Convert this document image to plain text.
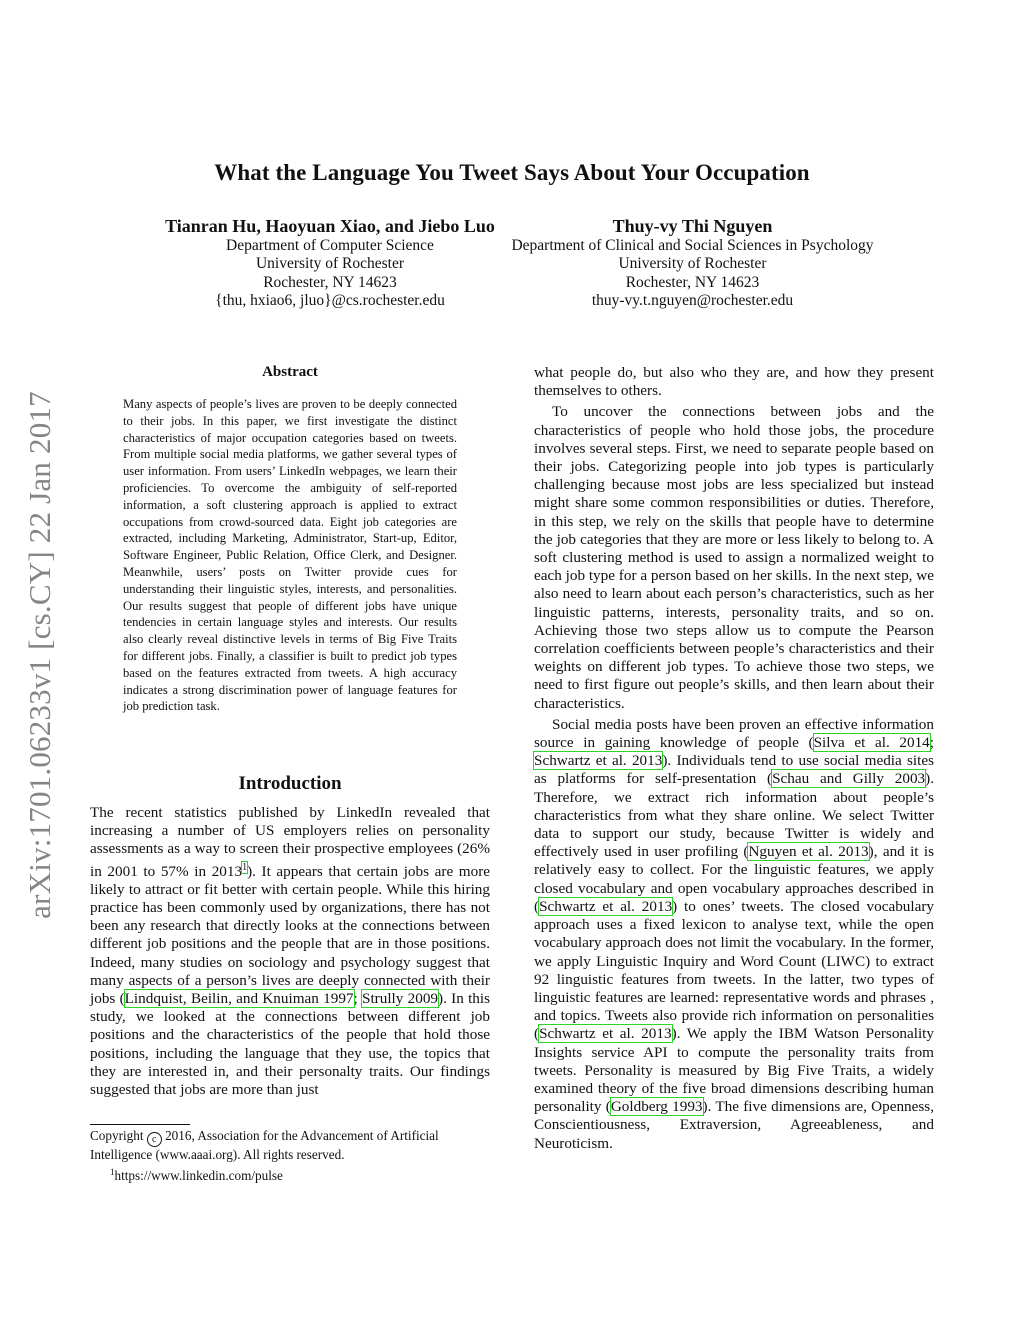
What the Language You Tweet Says About Your Occupation
Tianran Hu, Haoyuan Xiao, and Jiebo Luo
Department of Computer Science
University of Rochester
Rochester, NY 14623
{thu, hxiao6, jluo}@cs.rochester.edu
Thuy-vy Thi Nguyen
Department of Clinical and Social Sciences in Psychology
University of Rochester
Rochester, NY 14623
thuy-vy.t.nguyen@rochester.edu
arXiv:1701.06233v1 [cs.CY] 22 Jan 2017
Abstract
Many aspects of people’s lives are proven to be deeply connected to their jobs. In this paper, we first investigate the distinct characteristics of major occupation categories based on tweets. From multiple social media platforms, we gather several types of user information. From users’ LinkedIn webpages, we learn their proficiencies. To overcome the ambiguity of self-reported information, a soft clustering approach is applied to extract occupations from crowd-sourced data. Eight job categories are extracted, including Marketing, Administrator, Start-up, Editor, Software Engineer, Public Relation, Office Clerk, and Designer. Meanwhile, users’ posts on Twitter provide cues for understanding their linguistic styles, interests, and personalities. Our results suggest that people of different jobs have unique tendencies in certain language styles and interests. Our results also clearly reveal distinctive levels in terms of Big Five Traits for different jobs. Finally, a classifier is built to predict job types based on the features extracted from tweets. A high accuracy indicates a strong discrimination power of language features for job prediction task.
Introduction
The recent statistics published by LinkedIn revealed that increasing a number of US employers relies on personality assessments as a way to screen their prospective employees (26% in 2001 to 57% in 2013$^1$). It appears that certain jobs are more likely to attract or fit better with certain people. While this hiring practice has been commonly used by organizations, there has not been any research that directly looks at the connections between different job positions and the people that are in those positions. Indeed, many studies on sociology and psychology suggest that many aspects of a person’s lives are deeply connected with their jobs (Lindquist, Beilin, and Knuiman 1997; Strully 2009). In this study, we looked at the connections between different job positions and the characteristics of the people that hold those positions, including the language that they use, the topics that they are interested in, and their personalty traits. Our findings suggested that jobs are more than just

what people do, but also who they are, and how they present themselves to others.

To uncover the connections between jobs and the characteristics of people who hold those jobs, the procedure involves several steps. First, we need to separate people based on their jobs. Categorizing people into job types is particularly challenging because most jobs are less specialized but instead might share some common responsibilities or duties. Therefore, in this step, we rely on the skills that people have to determine the job categories that they are more or less likely to belong to. A soft clustering method is used to assign a normalized weight to each job type for a person based on her skills. In the next step, we also need to learn about each person’s characteristics, such as her linguistic patterns, interests, personality traits, and so on. Achieving those two steps allow us to compute the Pearson correlation coefficients between people’s characteristics and their weights on different job types. To achieve those two steps, we need to first figure out people’s skills, and then learn about their characteristics.

Social media posts have been proven an effective information source in gaining knowledge of people (Silva et al. 2014; Schwartz et al. 2013). Individuals tend to use social media sites as platforms for self-presentation (Schau and Gilly 2003). Therefore, we extract rich information about people’s characteristics from what they share online. We select Twitter data to support our study, because Twitter is widely and effectively used in user profiling (Nguyen et al. 2013), and it is relatively easy to collect. For the linguistic features, we apply closed vocabulary and open vocabulary approaches described in (Schwartz et al. 2013) to ones’ tweets. The closed vocabulary approach uses a fixed lexicon to analyse text, while the open vocabulary approach does not limit the vocabulary. In the former, we apply Linguistic Inquiry and Word Count (LIWC) to extract 92 linguistic features from tweets. In the latter, two types of linguistic features are learned: representative words and phrases , and topics. Tweets also provide rich information on personalities (Schwartz et al. 2013). We apply the IBM Watson Personality Insights service API to compute the personality traits from tweets. Personality is measured by Big Five Traits, a widely examined theory of the five broad dimensions describing human personality (Goldberg 1993). The five dimensions are, Openness, Conscientiousness, Extraversion, Agreeableness, and Neuroticism.

Copyright c 2016, Association for the Advancement of Artificial Intelligence (www.aaai.org). All rights reserved.
$^1$https://www.linkedin.com/pulse
